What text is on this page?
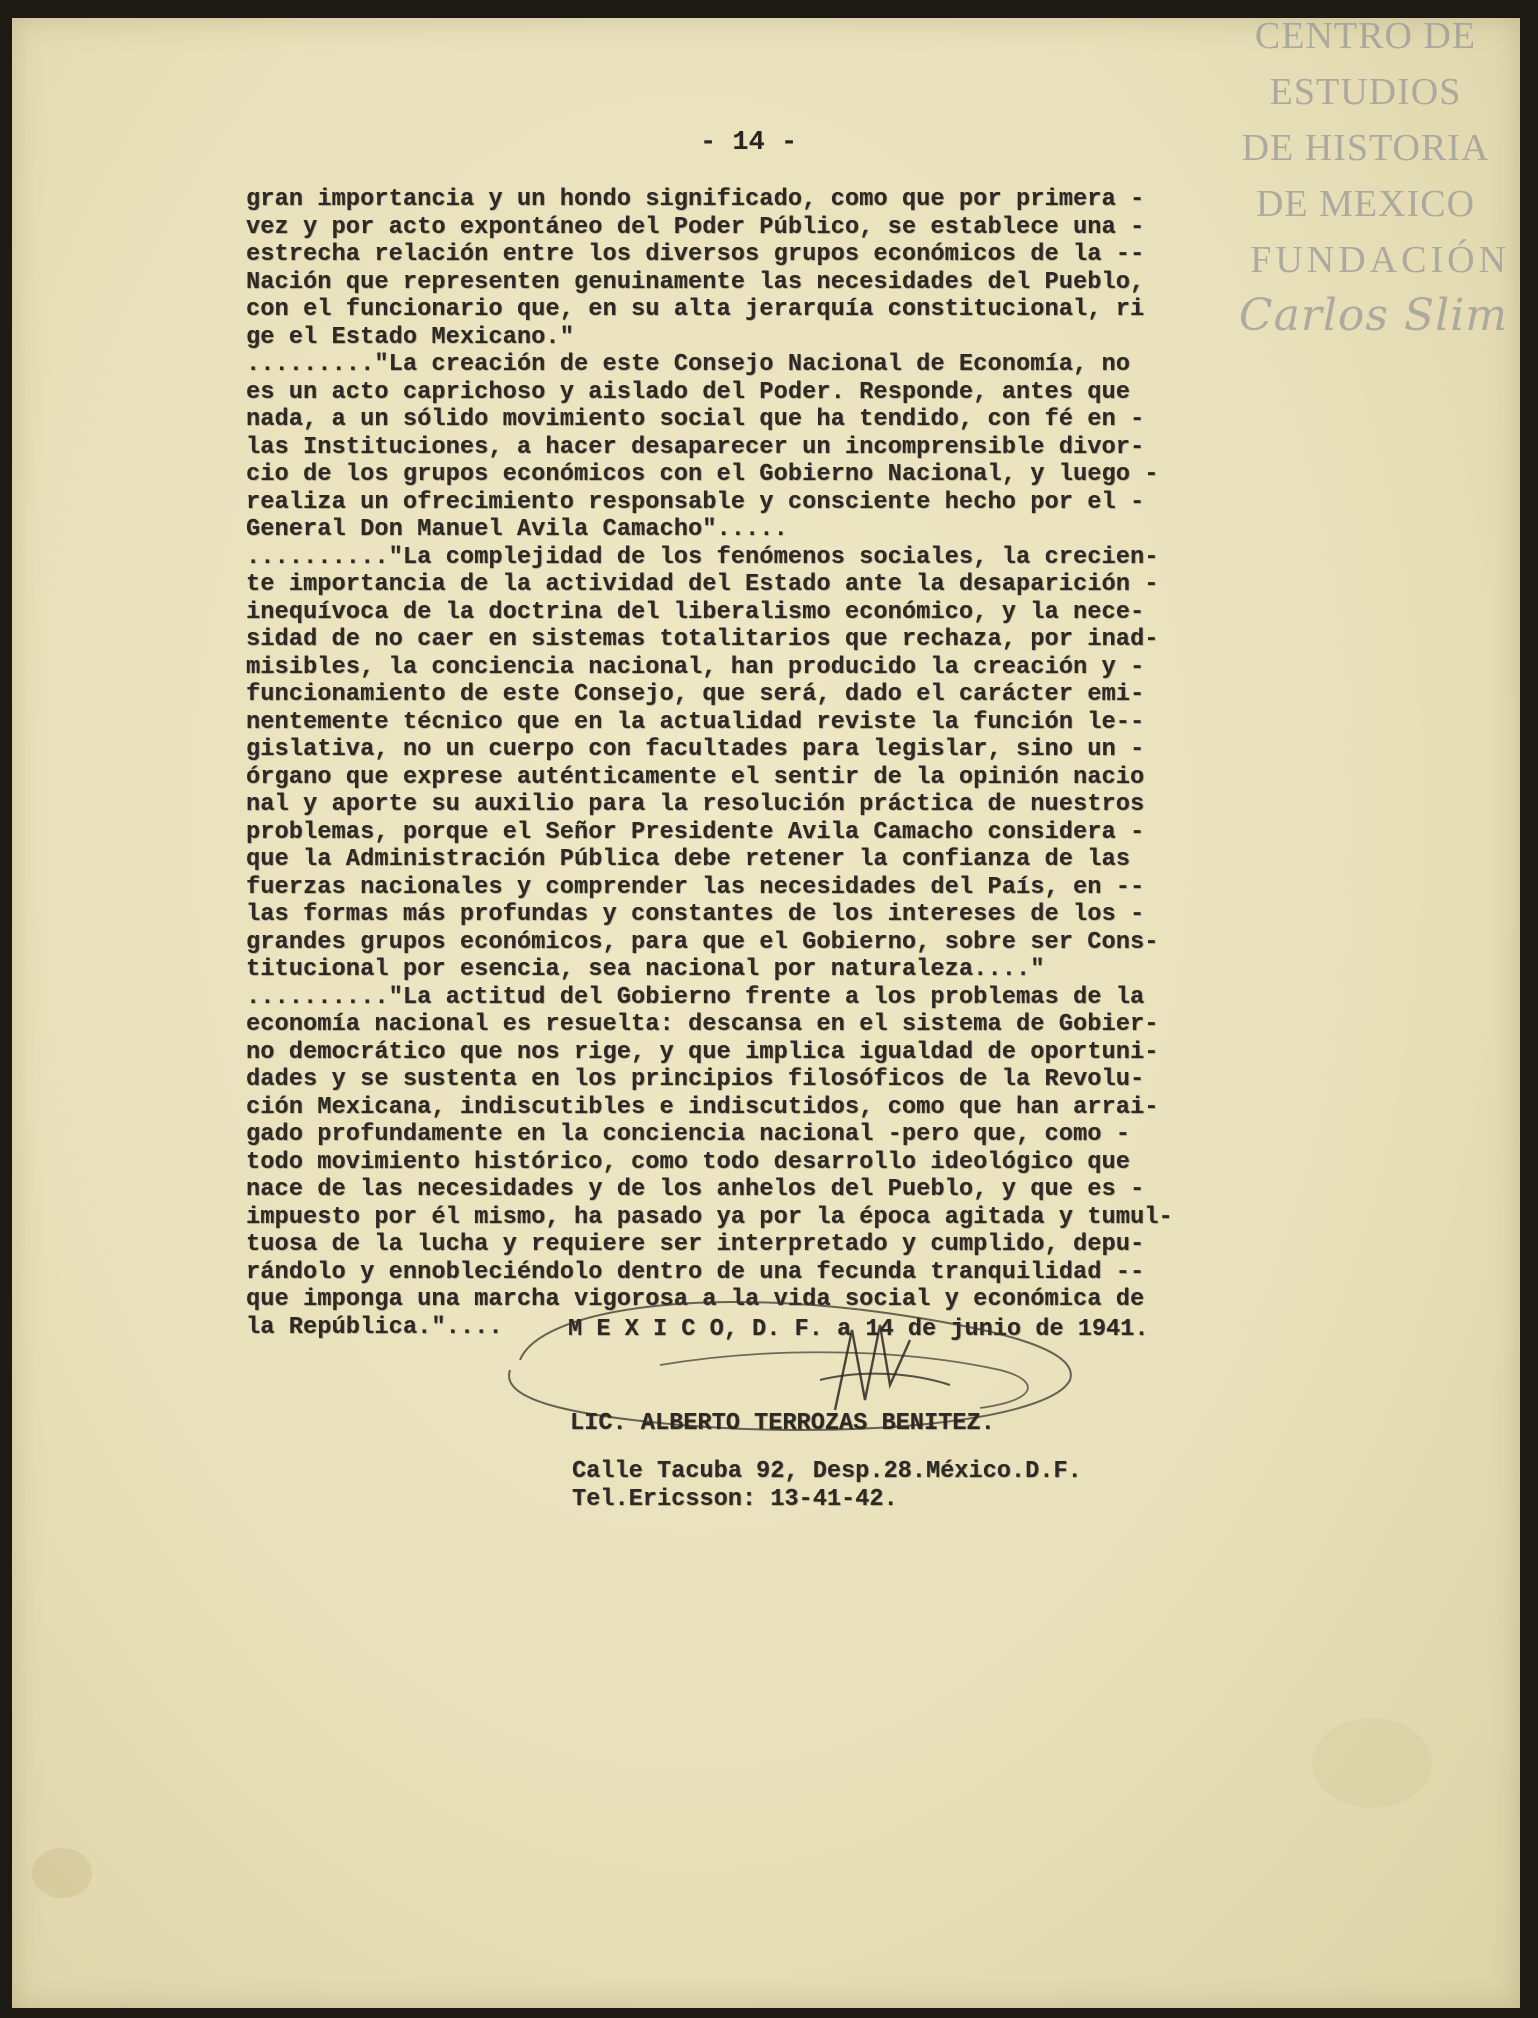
CENTRO DE
ESTUDIOS
DE HISTORIA
DE MEXICO
FUNDACIÓN
Carlos Slim
- 14 -
gran importancia y un hondo significado, como que por primera -
vez y por acto expontáneo del Poder Público, se establece una -
estrecha relación entre los diversos grupos económicos de la --
Nación que representen genuinamente las necesidades del Pueblo,
con el funcionario que, en su alta jerarquía constitucional, ri
ge el Estado Mexicano."
........."La creación de este Consejo Nacional de Economía, no
es un acto caprichoso y aislado del Poder. Responde, antes que
nada, a un sólido movimiento social que ha tendido, con fé en -
las Instituciones, a hacer desaparecer un incomprensible divor-
cio de los grupos económicos con el Gobierno Nacional, y luego -
realiza un ofrecimiento responsable y consciente hecho por el -
General Don Manuel Avila Camacho".....
.........."La complejidad de los fenómenos sociales, la crecien-
te importancia de la actividad del Estado ante la desaparición -
inequívoca de la doctrina del liberalismo económico, y la nece-
sidad de no caer en sistemas totalitarios que rechaza, por inad-
misibles, la conciencia nacional, han producido la creación y -
funcionamiento de este Consejo, que será, dado el carácter emi-
nentemente técnico que en la actualidad reviste la función le--
gislativa, no un cuerpo con facultades para legislar, sino un -
órgano que exprese auténticamente el sentir de la opinión nacio
nal y aporte su auxilio para la resolución práctica de nuestros
problemas, porque el Señor Presidente Avila Camacho considera -
que la Administración Pública debe retener la confianza de las
fuerzas nacionales y comprender las necesidades del País, en --
las formas más profundas y constantes de los intereses de los -
grandes grupos económicos, para que el Gobierno, sobre ser Cons-
titucional por esencia, sea nacional por naturaleza...."
.........."La actitud del Gobierno frente a los problemas de la
economía nacional es resuelta: descansa en el sistema de Gobier-
no democrático que nos rige, y que implica igualdad de oportuni-
dades y se sustenta en los principios filosóficos de la Revolu-
ción Mexicana, indiscutibles e indiscutidos, como que han arrai-
gado profundamente en la conciencia nacional -pero que, como -
todo movimiento histórico, como todo desarrollo ideológico que
nace de las necesidades y de los anhelos del Pueblo, y que es -
impuesto por él mismo, ha pasado ya por la época agitada y tumul-
tuosa de la lucha y requiere ser interpretado y cumplido, depu-
rándolo y ennobleciéndolo dentro de una fecunda tranquilidad --
que imponga una marcha vigorosa a la vida social y económica de
la República."....	M E X I C O, D. F. a 14 de junio de 1941.
LIC. ALBERTO TERROZAS BENITEZ.
Calle Tacuba 92, Desp.28.México.D.F.
Tel.Ericsson: 13-41-42.
